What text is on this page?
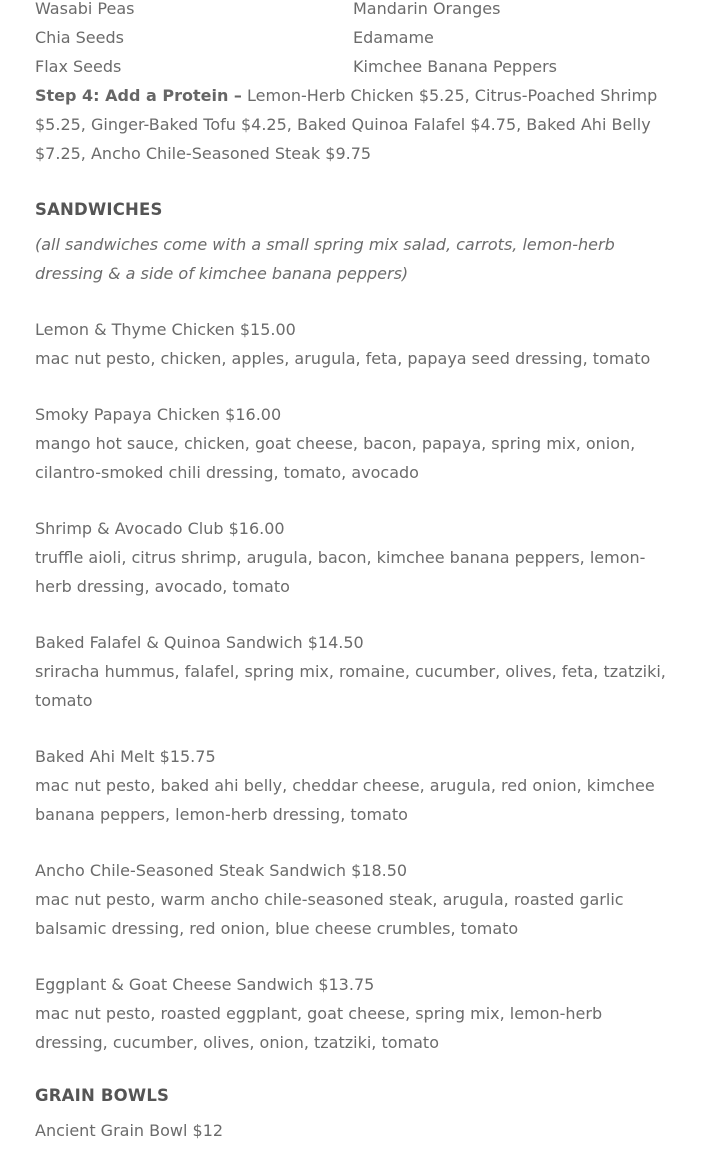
Wasabi Peas	Mandarin Oranges
Chia Seeds	Edamame
Flax Seeds	Kimchee Banana Peppers

Step 4: Add a Protein – Lemon-Herb Chicken $5.25, Citrus-Poached Shrimp $5.25, Ginger-Baked Tofu $4.25, Baked Quinoa Falafel $4.75, Baked Ahi Belly $7.25, Ancho Chile-Seasoned Steak $9.75

SANDWICHES

(all sandwiches come with a small spring mix salad, carrots, lemon-herb dressing & a side of kimchee banana peppers)

Lemon & Thyme Chicken $15.00
mac nut pesto, chicken, apples, arugula, feta, papaya seed dressing, tomato
Smoky Papaya Chicken $16.00
mango hot sauce, chicken, goat cheese, bacon, papaya, spring mix, onion, cilantro-smoked chili dressing, tomato, avocado
Shrimp & Avocado Club $16.00
truffle aioli, citrus shrimp, arugula, bacon, kimchee banana peppers, lemon-herb dressing, avocado, tomato
Baked Falafel & Quinoa Sandwich $14.50
sriracha hummus, falafel, spring mix, romaine, cucumber, olives, feta, tzatziki, tomato
Baked Ahi Melt $15.75
mac nut pesto, baked ahi belly, cheddar cheese, arugula, red onion, kimchee banana peppers, lemon-herb dressing, tomato
Ancho Chile-Seasoned Steak Sandwich $18.50
mac nut pesto, warm ancho chile-seasoned steak, arugula, roasted garlic balsamic dressing, red onion, blue cheese crumbles, tomato
Eggplant & Goat Cheese Sandwich $13.75
mac nut pesto, roasted eggplant, goat cheese, spring mix, lemon-herb dressing, cucumber, olives, onion, tzatziki, tomato
GRAIN BOWLS
Ancient Grain Bowl $12
